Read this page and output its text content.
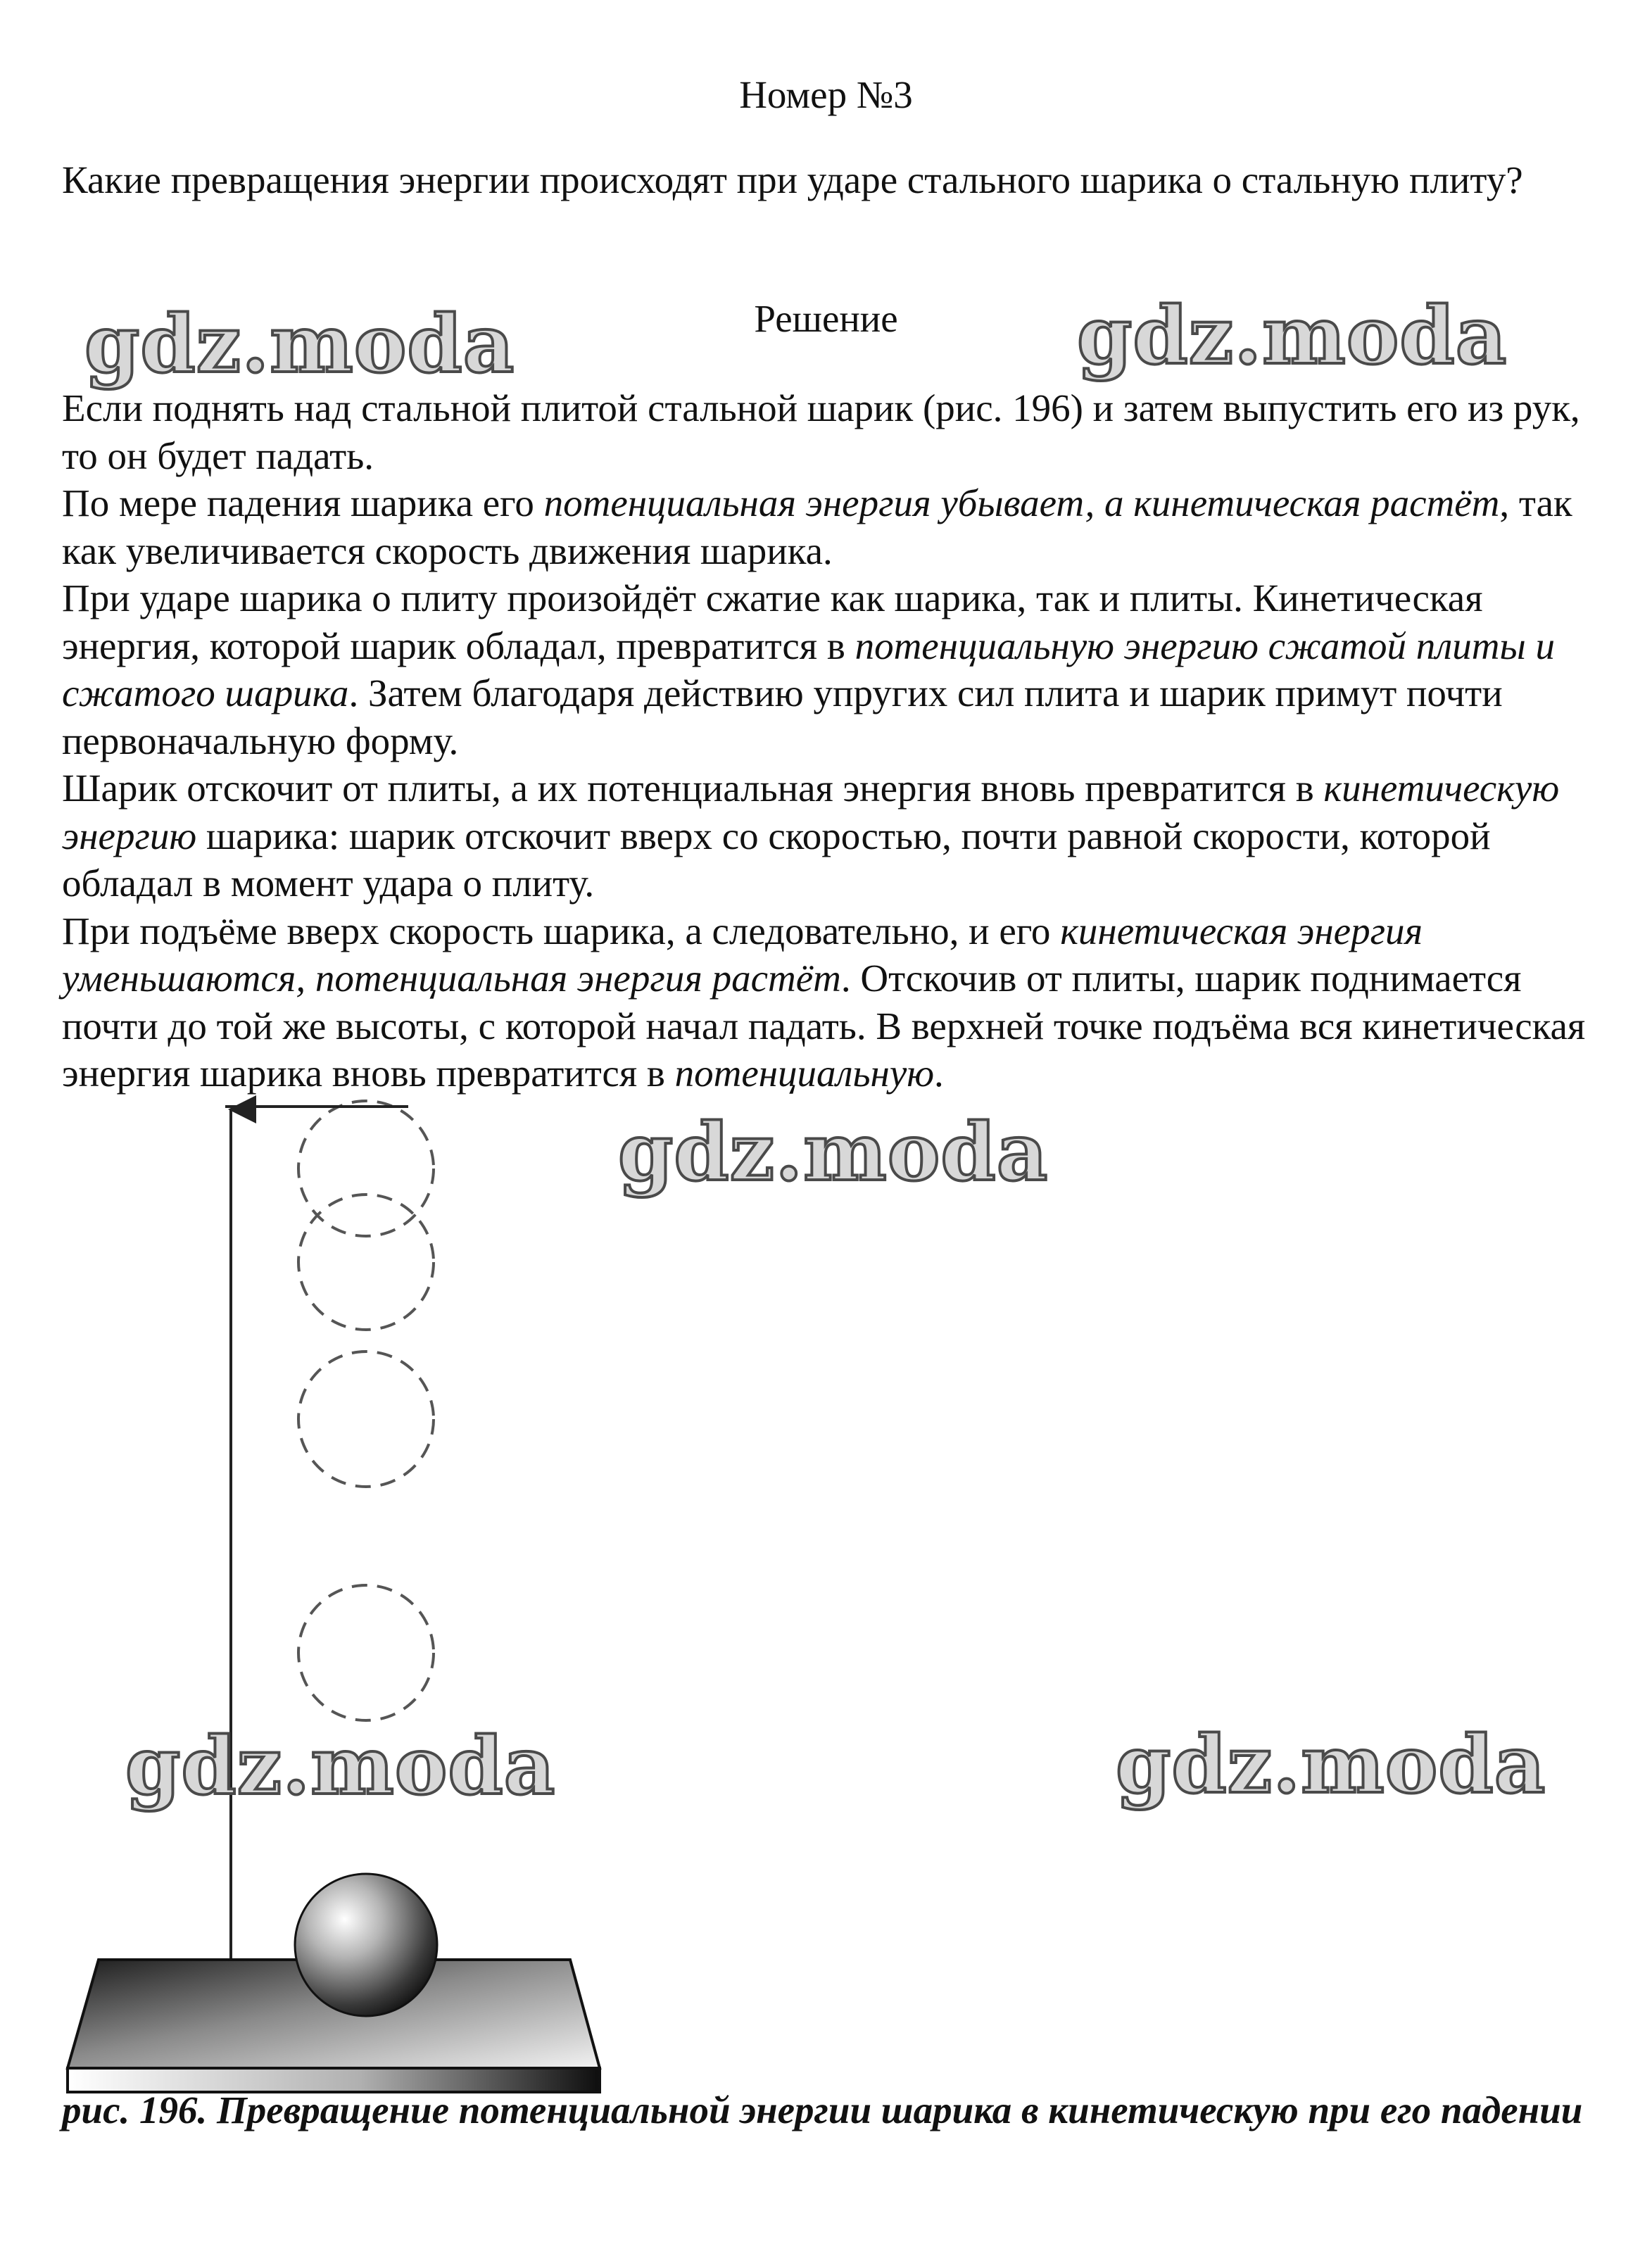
Номер №3
Какие превращения энергии происходят при ударе стального шарика о стальную плиту?
Решение

Если поднять над стальной плитой стальной шарик (рис. 196) и затем выпустить его из рук, то он будет падать.

По мере падения шарика его потенциальная энергия убывает, а кинетическая растёт, так как увеличивается скорость движения шарика.

При ударе шарика о плиту произойдёт сжатие как шарика, так и плиты. Кинетическая энергия, которой шарик обладал, превратится в потенциальную энергию сжатой плиты и сжатого шарика. Затем благодаря действию упругих сил плита и шарик примут почти первоначальную форму.

Шарик отскочит от плиты, а их потенциальная энергия вновь превратится в кинетическую энергию шарика: шарик отскочит вверх со скоростью, почти равной скорости, которой обладал в момент удара о плиту.

При подъёме вверх скорость шарика, а следовательно, и его кинетическая энергия уменьшаются, потенциальная энергия растёт. Отскочив от плиты, шарик поднимается почти до той же высоты, с которой начал падать. В верхней точке подъёма вся кинетическая энергия шарика вновь превратится в потенциальную.

рис. 196. Превращение потенциальной энергии шарика в кинетическую при его падении
gdz.moda	gdz.moda
gdz.moda
gdz.moda	gdz.moda
